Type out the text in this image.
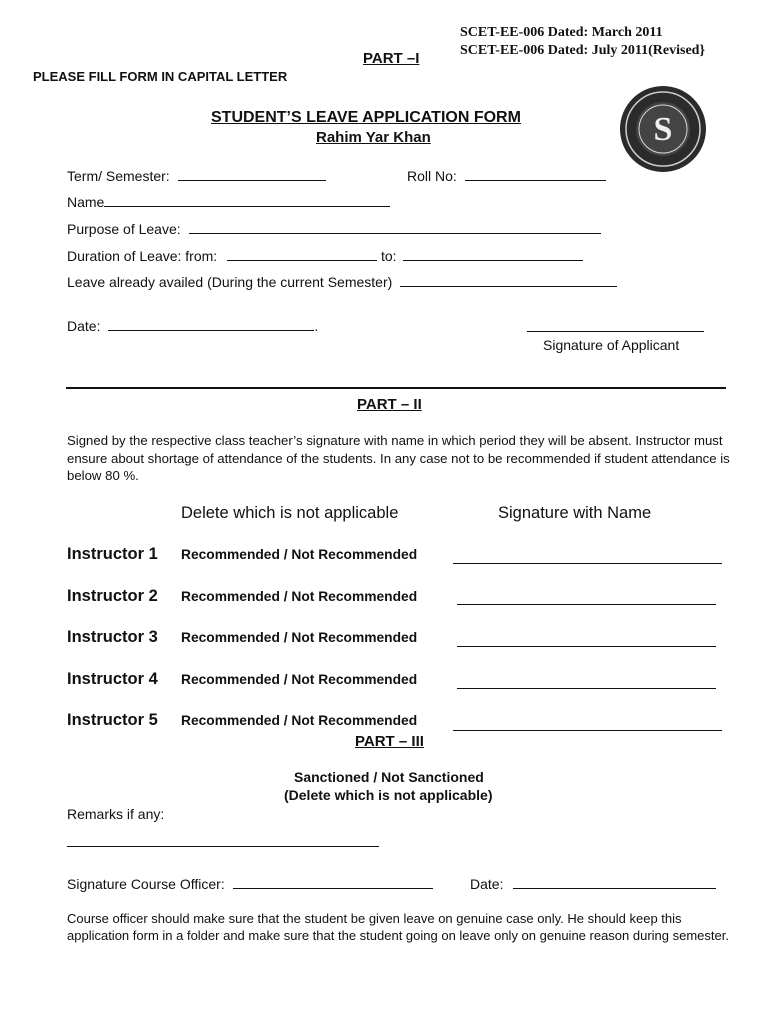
SCET-EE-006 Dated: March 2011
SCET-EE-006 Dated: July 2011(Revised}
PART –I
PLEASE FILL FORM IN CAPITAL LETTER
S
STUDENT’S LEAVE APPLICATION FORM
Rahim Yar Khan
Term/ Semester:	Roll No:
Name
Purpose of Leave:
Duration of Leave: from:	to:
Leave already availed (During the current Semester)
Date:	.
Signature of Applicant
PART – II
Signed by the respective class teacher’s signature with name in which period they will be absent. Instructor must ensure about shortage of attendance of the students. In any case not to be recommended if student attendance is below 80 %.
Delete which is not applicable	Signature with Name
Instructor 1 Recommended / Not Recommended
Instructor 2 Recommended / Not Recommended
Instructor 3 Recommended / Not Recommended
Instructor 4 Recommended / Not Recommended
Instructor 5 Recommended / Not Recommended
PART – III
Sanctioned / Not Sanctioned
(Delete which is not applicable)
Remarks if any:
Signature Course Officer:	Date:
Course officer should make sure that the student be given leave on genuine case only. He should keep this application form in a folder and make sure that the student going on leave only on genuine reason during semester.
